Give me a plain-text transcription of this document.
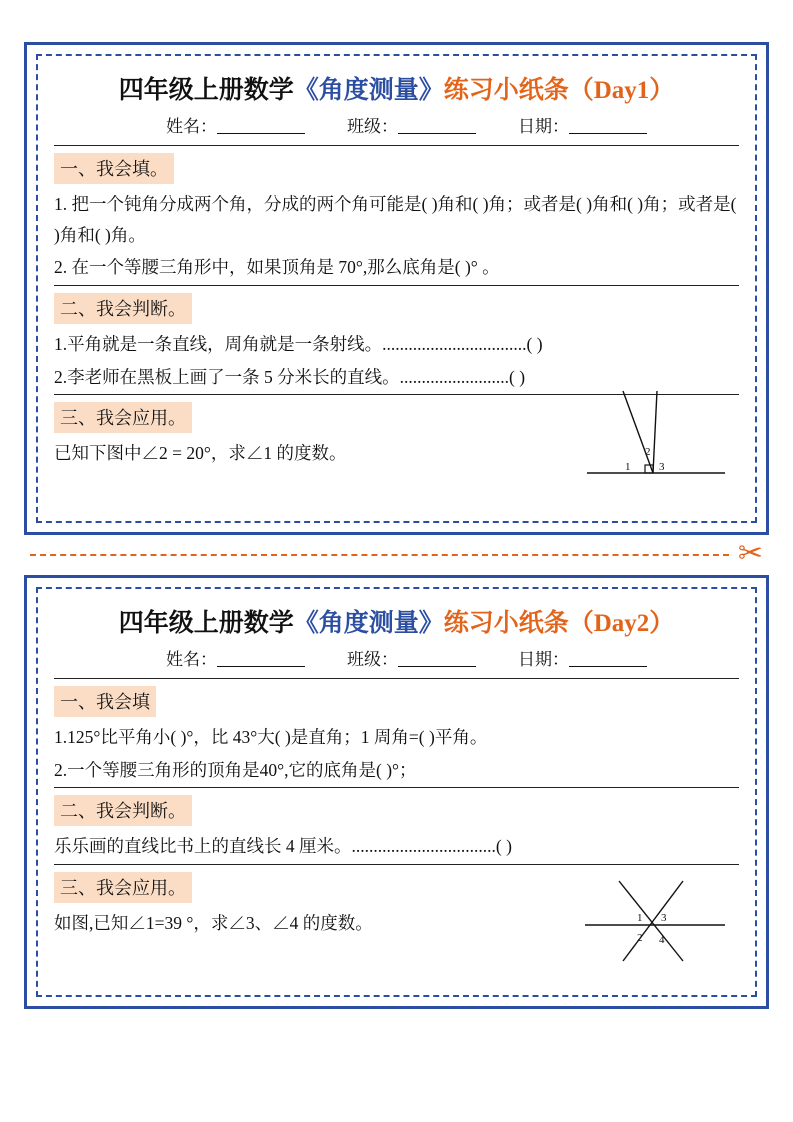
四年级上册数学《角度测量》练习小纸条（Day1）
姓名：	班级：	日期：
一、我会填。
1. 把一个钝角分成两个角，分成的两个角可能是( )角和( )角；或者是( )角和( )角；或者是( )角和( )角。
2. 在一个等腰三角形中，如果顶角是 70°,那么底角是( )° 。
二、我会判断。
1.平角就是一条直线，周角就是一条射线。.................................( )
2.李老师在黑板上画了一条 5 分米长的直线。.........................( )
三、我会应用。
已知下图中∠2 = 20°，求∠1 的度数。	2
1	3
✂
四年级上册数学《角度测量》练习小纸条（Day2）
姓名：	班级：	日期：
一、我会填
1.125°比平角小( )°，比 43°大( )是直角；1 周角=( )平角。
2.一个等腰三角形的顶角是40°,它的底角是( )°；
二、我会判断。
乐乐画的直线比书上的直线长 4 厘米。.................................( )
三、我会应用。
如图,已知∠1=39 °，求∠3、∠4 的度数。	1 3
2 4
